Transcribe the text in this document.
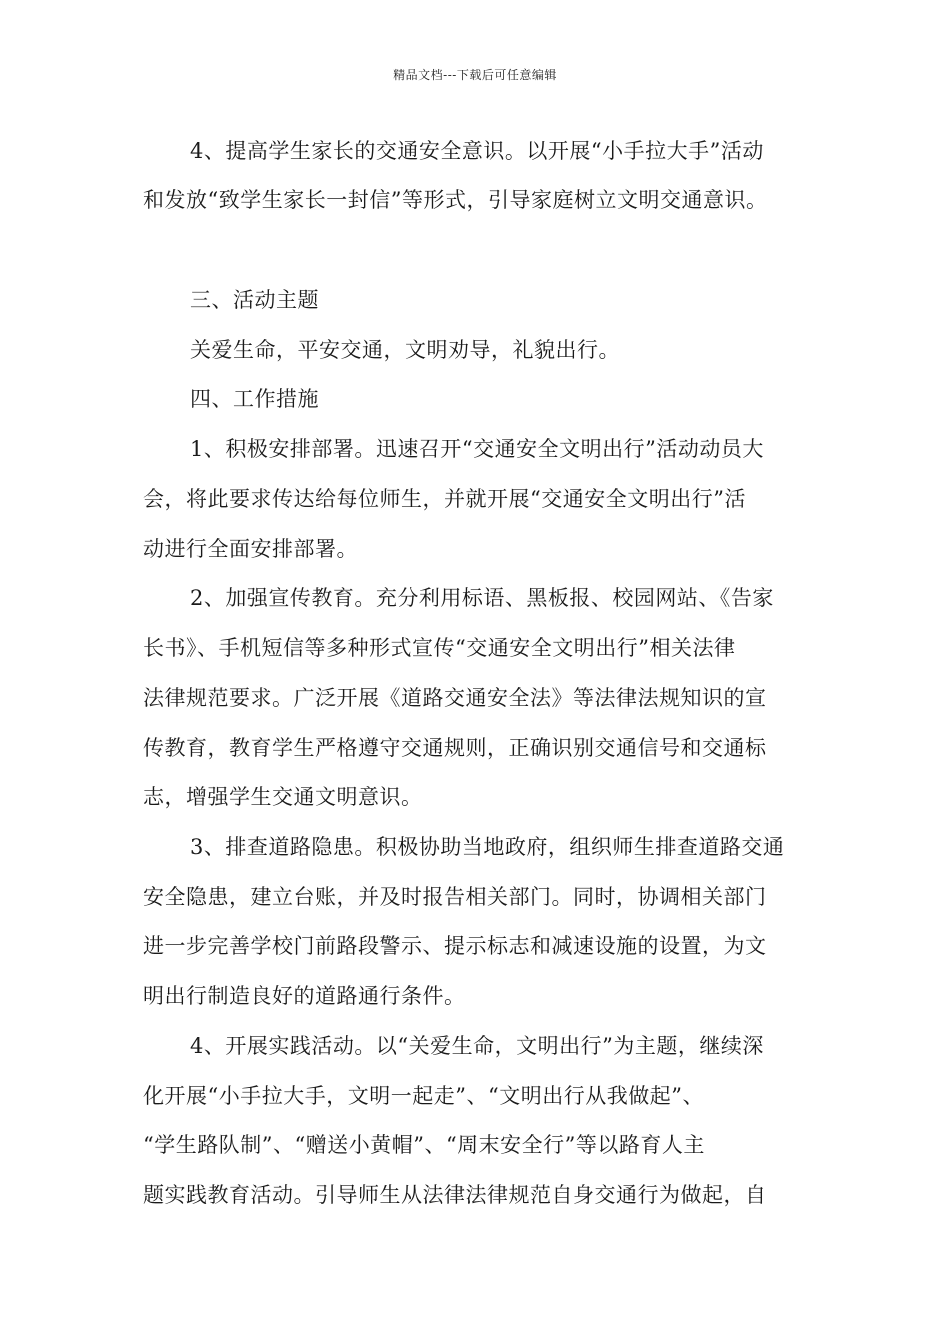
精品文档---下载后可任意编辑
4、提高学生家长的交通安全意识。以开展“小手拉大手”活动
和发放“致学生家长一封信”等形式，引导家庭树立文明交通意识。
三、活动主题
关爱生命，平安交通，文明劝导，礼貌出行。
四、工作措施
1、积极安排部署。迅速召开“交通安全文明出行”活动动员大
会，将此要求传达给每位师生，并就开展“交通安全文明出行”活
动进行全面安排部署。
2、加强宣传教育。充分利用标语、黑板报、校园网站、《告家
长书》、手机短信等多种形式宣传“交通安全文明出行”相关法律
法律规范要求。广泛开展《道路交通安全法》等法律法规知识的宣
传教育，教育学生严格遵守交通规则，正确识别交通信号和交通标
志，增强学生交通文明意识。
3、排查道路隐患。积极协助当地政府，组织师生排查道路交通
安全隐患，建立台账，并及时报告相关部门。同时，协调相关部门
进一步完善学校门前路段警示、提示标志和减速设施的设置，为文
明出行制造良好的道路通行条件。
4、开展实践活动。以“关爱生命，文明出行”为主题，继续深
化开展“小手拉大手，文明一起走”、“文明出行从我做起”、
“学生路队制”、“赠送小黄帽”、“周末安全行”等以路育人主
题实践教育活动。引导师生从法律法律规范自身交通行为做起，自
